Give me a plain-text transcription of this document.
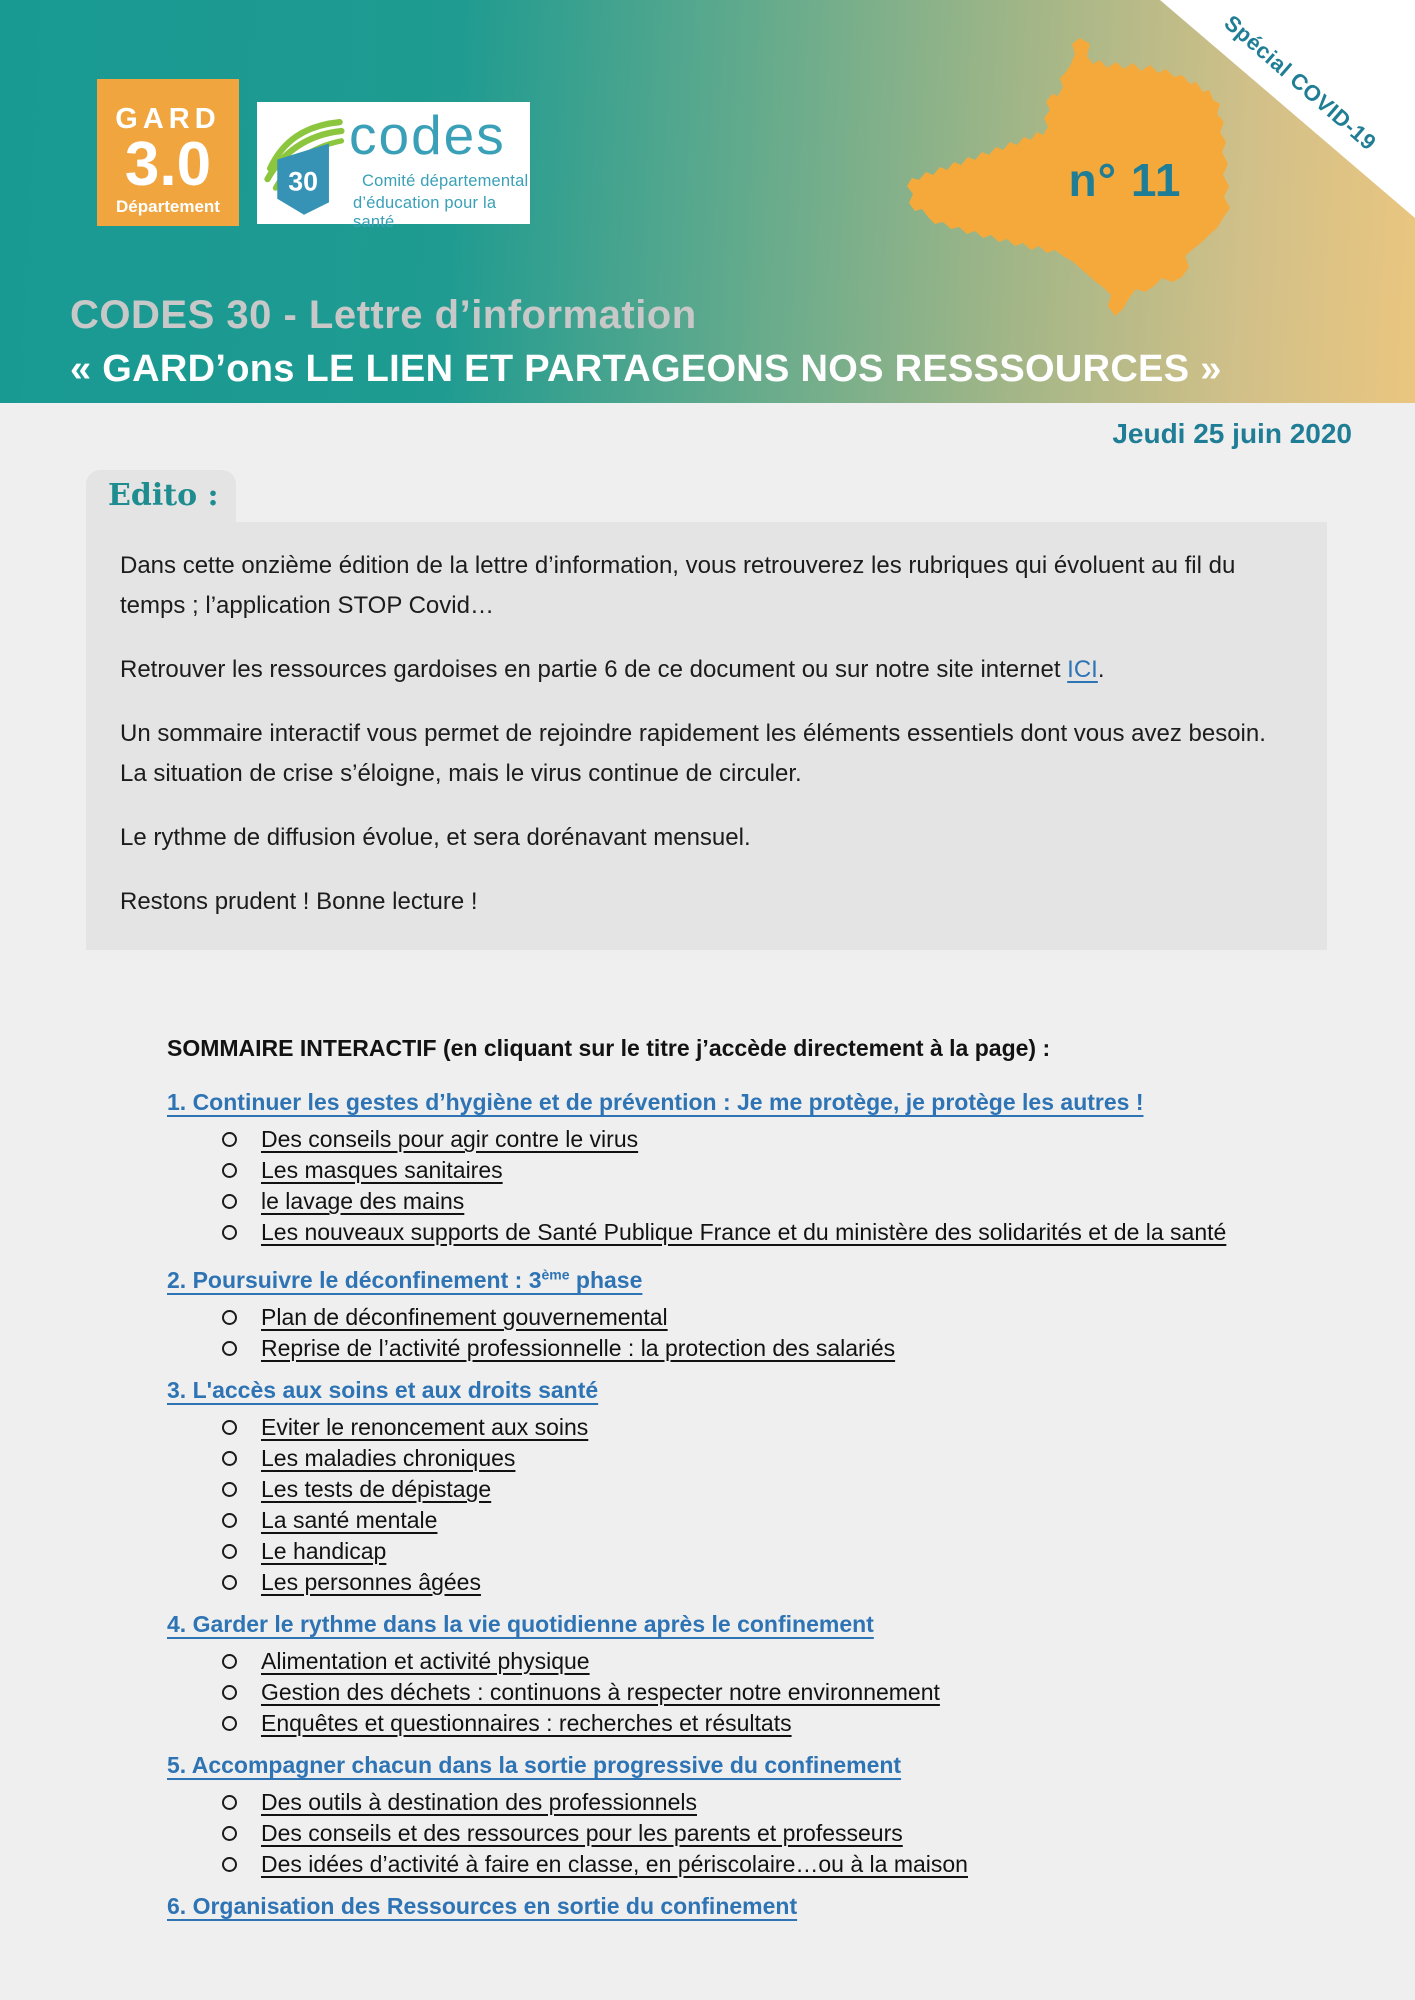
Spécial COVID-19
n° 11
GARD
3.0
Département
30
codes
Comité départemental
d’éducation pour la santé
CODES 30 - Lettre d’information
« GARD’ons LE LIEN ET PARTAGEONS NOS RESSSOURCES »
Jeudi 25 juin 2020
Edito :

Dans cette onzième édition de la lettre d’information, vous retrouverez les rubriques qui évoluent au fil du temps ; l’application STOP Covid…

Retrouver les ressources gardoises en partie 6 de ce document ou sur notre site internet ICI.

Un sommaire interactif vous permet de rejoindre rapidement les éléments essentiels dont vous avez besoin. La situation de crise s’éloigne, mais le virus continue de circuler.

Le rythme de diffusion évolue, et sera dorénavant mensuel.

Restons prudent ! Bonne lecture !

SOMMAIRE INTERACTIF (en cliquant sur le titre j’accède directement à la page) :
1. Continuer les gestes d’hygiène et de prévention : Je me protège, je protège les autres !
Des conseils pour agir contre le virus
Les masques sanitaires
le lavage des mains
Les nouveaux supports de Santé Publique France et du ministère des solidarités et de la santé
2. Poursuivre le déconfinement : 3ème phase
Plan de déconfinement gouvernemental
Reprise de l’activité professionnelle : la protection des salariés
3. L'accès aux soins et aux droits santé
Eviter le renoncement aux soins
Les maladies chroniques
Les tests de dépistage
La santé mentale
Le handicap
Les personnes âgées
4. Garder le rythme dans la vie quotidienne après le confinement
Alimentation et activité physique
Gestion des déchets : continuons à respecter notre environnement
Enquêtes et questionnaires : recherches et résultats
5. Accompagner chacun dans la sortie progressive du confinement
Des outils à destination des professionnels
Des conseils et des ressources pour les parents et professeurs
Des idées d’activité à faire en classe, en périscolaire…ou à la maison
6. Organisation des Ressources en sortie du confinement
